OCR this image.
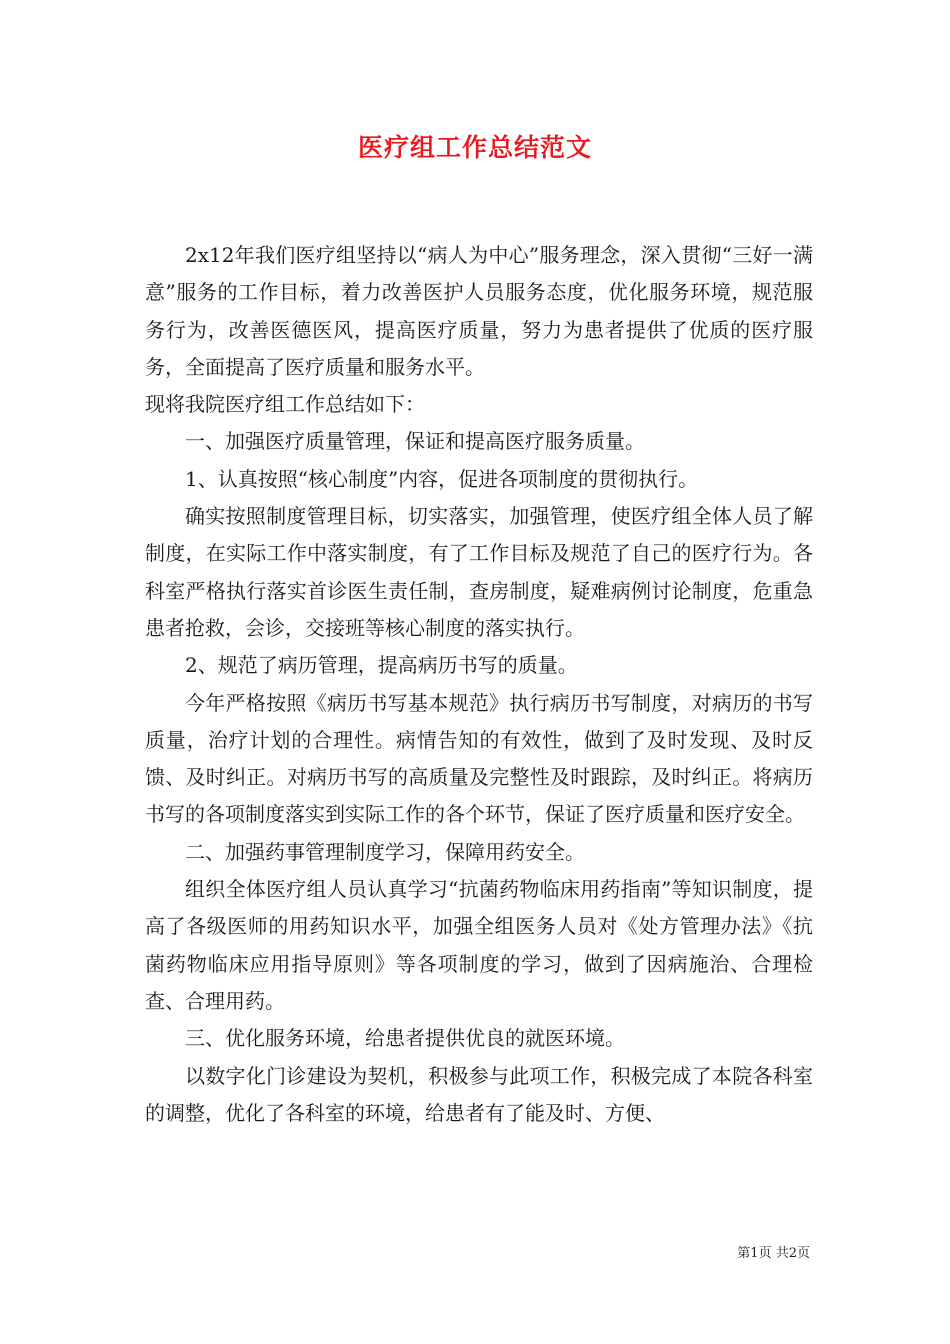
医疗组工作总结范文

2x12年我们医疗组坚持以“病人为中心”服务理念，深入贯彻“三好一满意”服务的工作目标，着力改善医护人员服务态度，优化服务环境，规范服务行为，改善医德医风，提高医疗质量，努力为患者提供了优质的医疗服务，全面提高了医疗质量和服务水平。

现将我院医疗组工作总结如下：

一、加强医疗质量管理，保证和提高医疗服务质量。

1、认真按照“核心制度”内容，促进各项制度的贯彻执行。

确实按照制度管理目标，切实落实，加强管理，使医疗组全体人员了解制度，在实际工作中落实制度，有了工作目标及规范了自己的医疗行为。各科室严格执行落实首诊医生责任制，查房制度，疑难病例讨论制度，危重急患者抢救，会诊，交接班等核心制度的落实执行。

2、规范了病历管理，提高病历书写的质量。

今年严格按照《病历书写基本规范》执行病历书写制度，对病历的书写质量，治疗计划的合理性。病情告知的有效性，做到了及时发现、及时反馈、及时纠正。对病历书写的高质量及完整性及时跟踪，及时纠正。将病历书写的各项制度落实到实际工作的各个环节，保证了医疗质量和医疗安全。

二、加强药事管理制度学习，保障用药安全。

组织全体医疗组人员认真学习“抗菌药物临床用药指南”等知识制度，提高了各级医师的用药知识水平，加强全组医务人员对《处方管理办法》《抗菌药物临床应用指导原则》等各项制度的学习，做到了因病施治、合理检查、合理用药。

三、优化服务环境，给患者提供优良的就医环境。

以数字化门诊建设为契机，积极参与此项工作，积极完成了本院各科室的调整，优化了各科室的环境，给患者有了能及时、方便、

第1页 共2页
